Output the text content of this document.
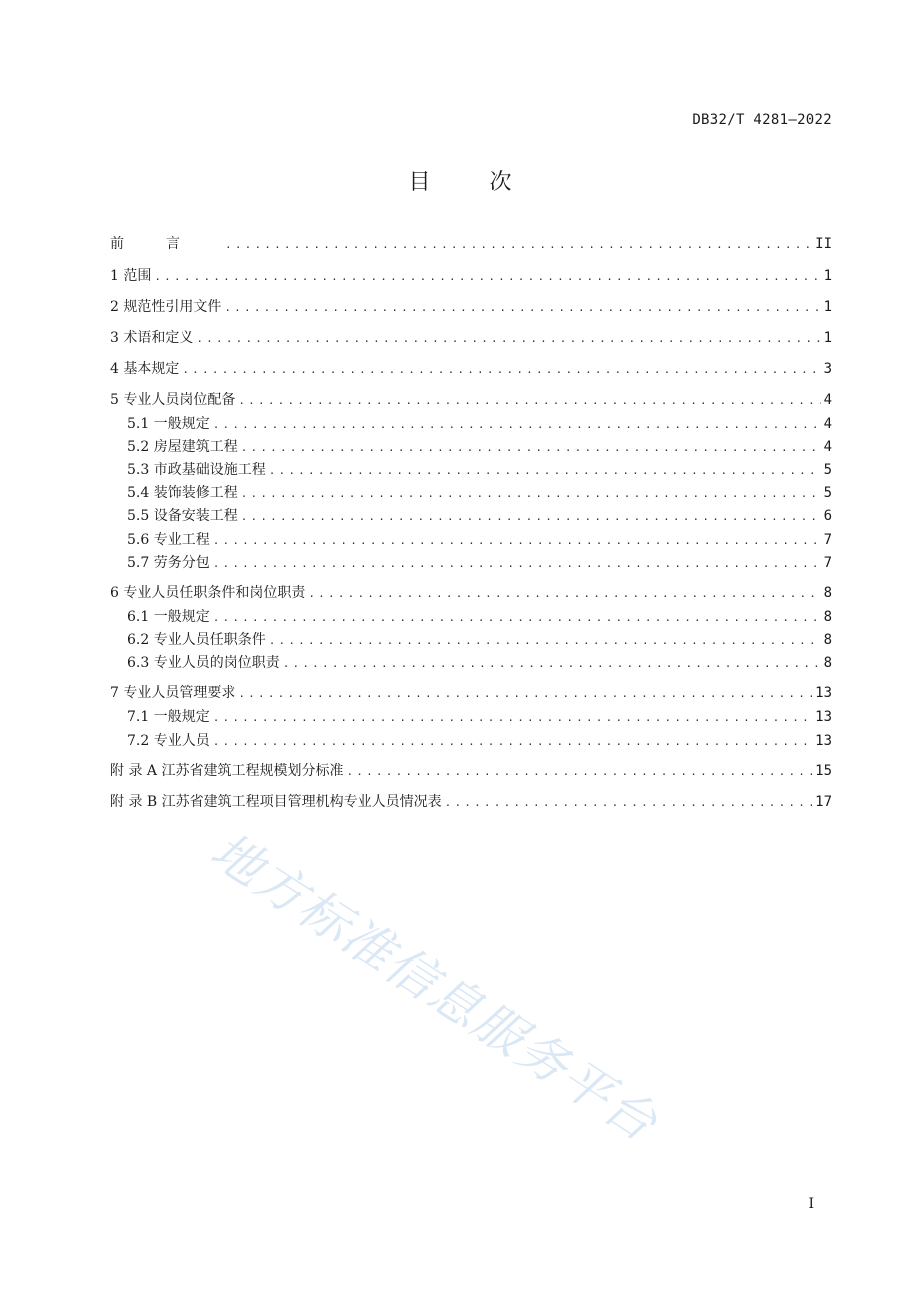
DB32/T 4281—2022
目 次
前言 .....	II
1 范围 .....	1
2 规范性引用文件 .....	1
3 术语和定义 .....	1
4 基本规定 .....	3
5 专业人员岗位配备 .....	4
5.1 一般规定 .....	4
5.2 房屋建筑工程 .....	4
5.3 市政基础设施工程 .....	5
5.4 装饰装修工程 .....	5
5.5 设备安装工程 .....	6
5.6 专业工程 .....	7
5.7 劳务分包 .....	7
6 专业人员任职条件和岗位职责 .....	8
6.1 一般规定 .....	8
6.2 专业人员任职条件 .....	8
6.3 专业人员的岗位职责 .....	8
7 专业人员管理要求 .....	13
7.1 一般规定 .....	13
7.2 专业人员 .....	13
附 录 A 江苏省建筑工程规模划分标准 .....	15
附 录 B 江苏省建筑工程项目管理机构专业人员情况表 .....	17
地方标准信息服务平台
I
